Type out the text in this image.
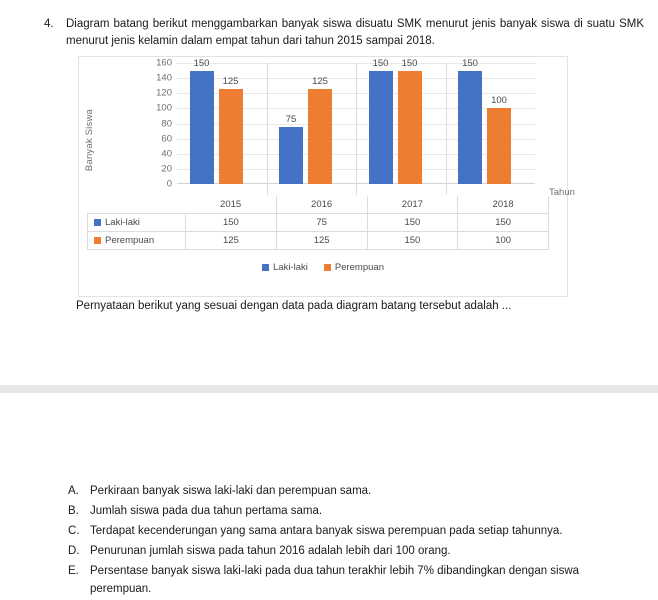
4.	Diagram batang berikut menggambarkan banyak siswa disuatu SMK menurut jenis banyak siswa di suatu SMK menurut jenis kelamin dalam empat tahun dari tahun 2015 sampai 2018.
Banyak Siswa
160
140
120
100
80
60
40
20
0
150
125
75
125
150 150	150
100
Tahun
	2015	2016	2017	2018
Laki-laki	150	75	150	150
Perempuan	125	125	150	100
Laki-laki	Perempuan
Pernyataan berikut yang sesuai dengan data pada diagram batang tersebut adalah ...
A. Perkiraan banyak siswa laki-laki dan perempuan sama.
B. Jumlah siswa pada dua tahun pertama sama.
C. Terdapat kecenderungan yang sama antara banyak siswa perempuan pada setiap tahunnya.
D. Penurunan jumlah siswa pada tahun 2016 adalah lebih dari 100 orang.
E. Persentase banyak siswa laki-laki pada dua tahun terakhir lebih 7% dibandingkan dengan siswa perempuan.
